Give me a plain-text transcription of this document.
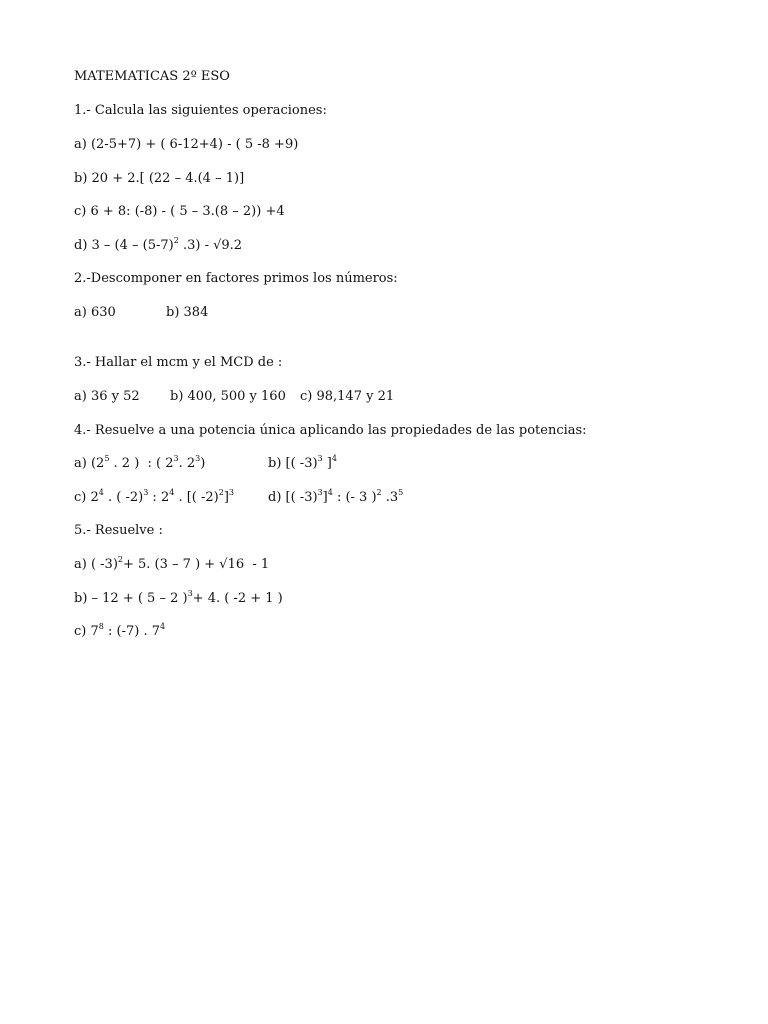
MATEMATICAS 2º ESO
1.- Calcula las siguientes operaciones:
a) (2-5+7) + ( 6-12+4) - ( 5 -8 +9)
b) 20 + 2.[ (22 – 4.(4 – 1)]
c) 6 + 8: (-8) - ( 5 – 3.(8 – 2)) +4
d) $3 - (4 - (5-7)^2$ .3) - √9.2
2.-Descomponer en factores primos los números:
a) 630	b) 384
3.- Hallar el mcm y el MCD de :
a) 36 y 52 b) 400, 500 y 160 c) 98,147 y 21
4.- Resuelve a una potencia única aplicando las propiedades de las potencias:
a) ($2^5$ . 2 )  : ( $2^3$. $2^3$)	b) [( -3)$^3$ ]$^4$
c) $2^4$ . ( -2)$^3$ : $2^4$ . [( -2)$^2$]$^3$	d) [( -3)$^3$]$^4$ : (- 3 )$^2$ $.3^5$
5.- Resuelve :
a) ( -3)$^2$+ 5. (3 – 7 ) + √16  - 1
b) – 12 + ( 5 – 2 )$^3$+ 4. ( -2 + 1 )
c) $7^8$ : (-7) . $7^4$
